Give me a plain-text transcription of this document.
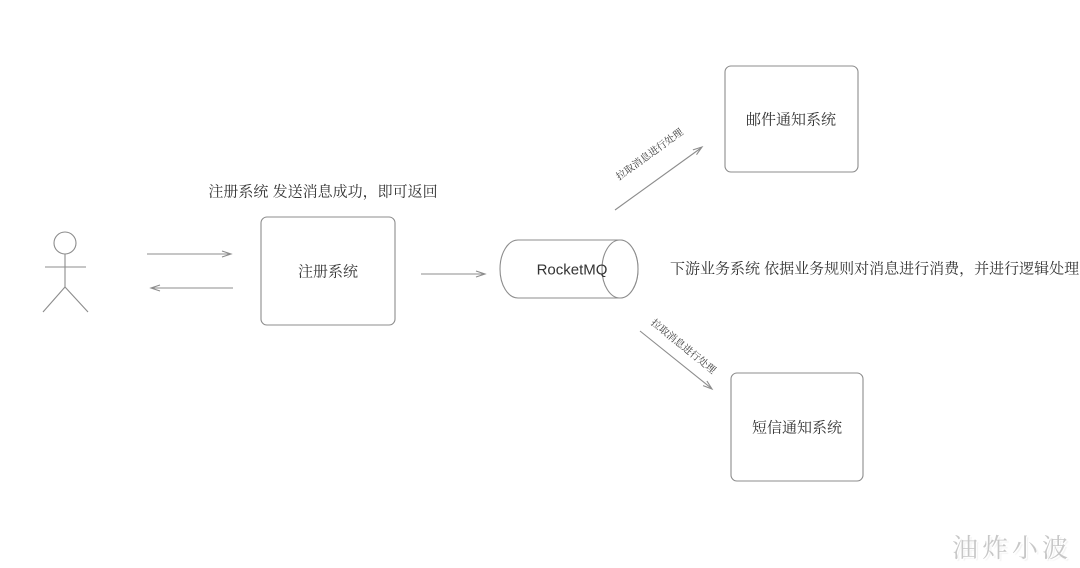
注册系统 发送消息成功，即可返回
注册系统	RocketMQ
邮件通知系统
短信通知系统
拉取消息进行处理
拉取消息进行处理
下游业务系统 依据业务规则对消息进行消费，并进行逻辑处理
油炸小波
